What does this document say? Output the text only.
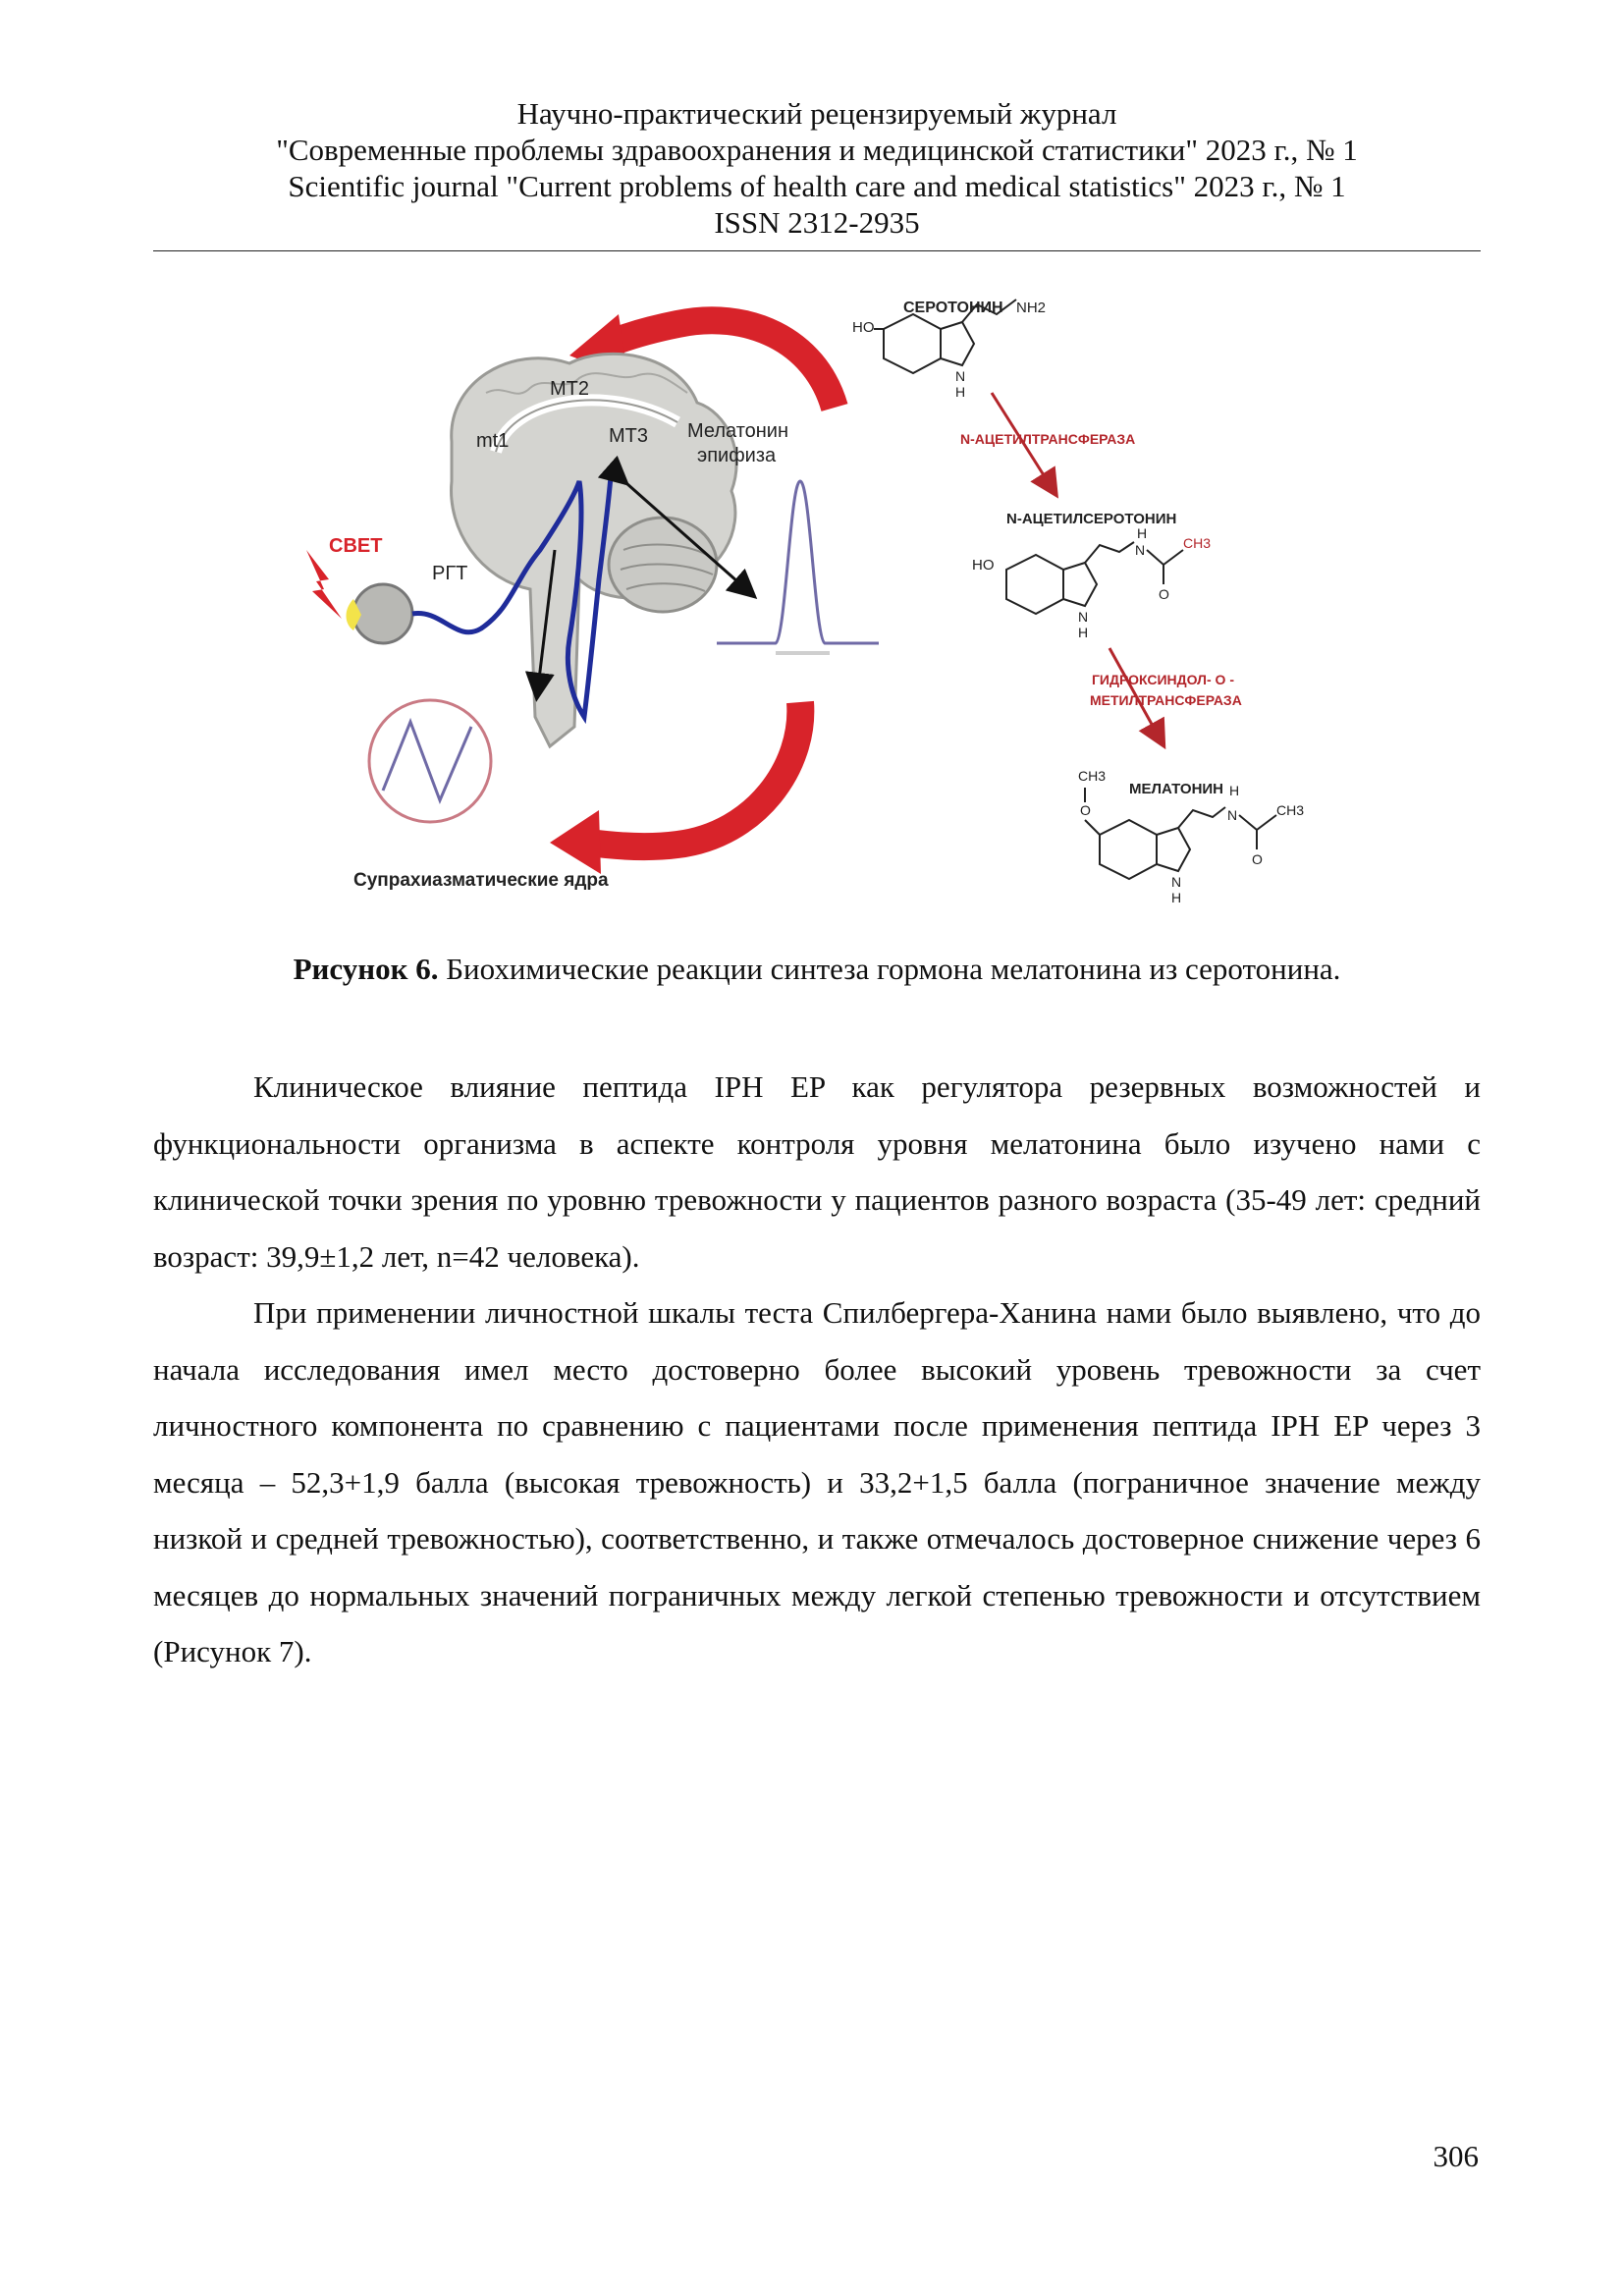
Научно-практический рецензируемый журнал
"Современные проблемы здравоохранения и медицинской статистики" 2023 г., № 1
Scientific journal "Current problems of health care and medical statistics" 2023 г., № 1
ISSN 2312-2935
MT2
mt1	MT3
СВЕТ
РГТ
Супрахиазматические ядра
Мелатонин
эпифиза
СЕРОТОНИН
HO
NH2
N
H
N-АЦЕТИЛТРАНСФЕРАЗА
N-АЦЕТИЛСЕРОТОНИН
HO
H
N	CH3
O
N
H
ГИДРОКСИНДОЛ- О -
МЕТИЛТРАНСФЕРАЗА
МЕЛАТОНИН
CH3
O
H
N	CH3
O
N
H
Рисунок 6. Биохимические реакции синтеза гормона мелатонина из серотонина.

Клиническое влияние пептида IPH EP как регулятора резервных возможностей и функциональности организма в аспекте контроля уровня мелатонина было изучено нами с клинической точки зрения по уровню тревожности у пациентов разного возраста (35-49 лет: средний возраст: 39,9±1,2 лет, n=42 человека).

При применении личностной шкалы теста Спилбергера-Ханина нами было выявлено, что до начала исследования имел место достоверно более высокий уровень тревожности за счет личностного компонента по сравнению с пациентами после применения пептида IPH EP через 3 месяца – 52,3+1,9 балла (высокая тревожность) и 33,2+1,5 балла (пограничное значение между низкой и средней тревожностью), соответственно, и также отмечалось достоверное снижение через 6 месяцев до нормальных значений пограничных между легкой степенью тревожности и отсутствием (Рисунок 7).

306
